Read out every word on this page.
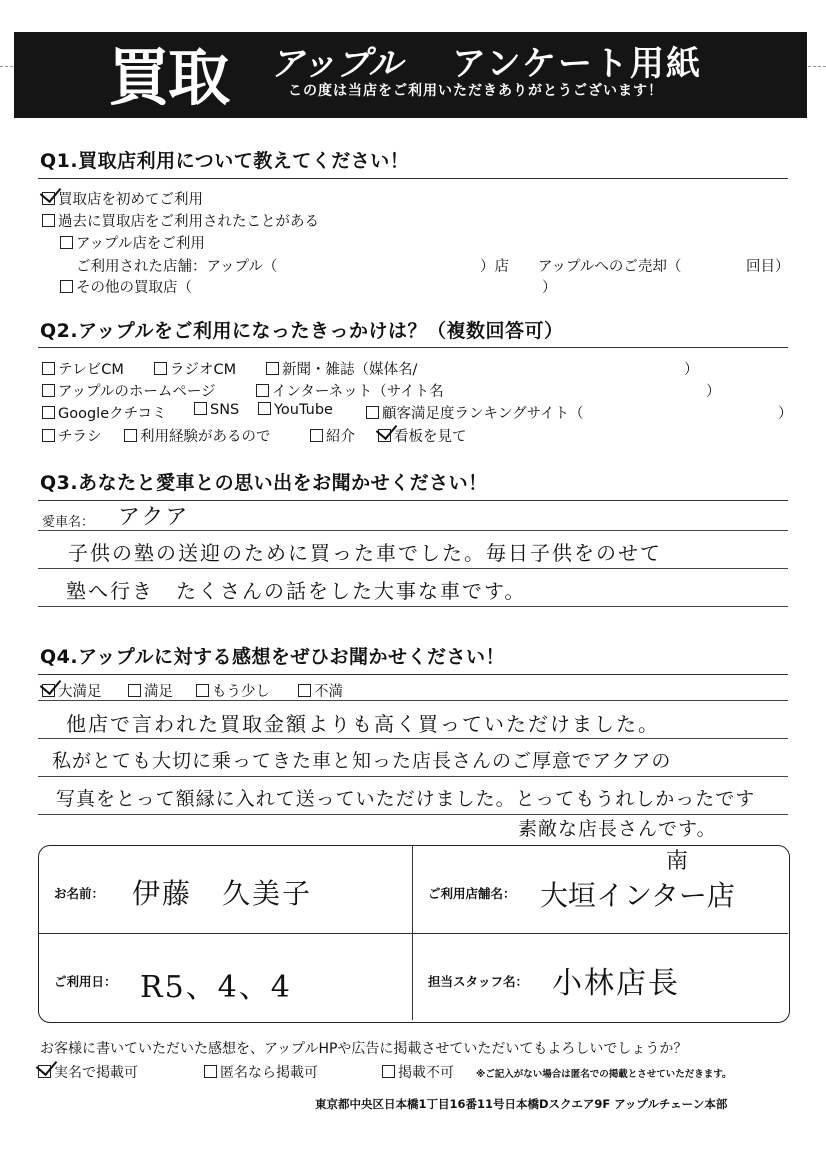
買取 アップル アンケート用紙
この度は当店をご利用いただきありがとうございます！
Q1.買取店利用について教えてください！
買取店を初めてご利用
過去に買取店をご利用されたことがある
アップル店をご利用
ご利用された店舗：アップル（	）店 アップルへのご売却（	回目）
その他の買取店（	）
Q2.アップルをご利用になったきっかけは？（複数回答可）
テレビCM	ラジオCM	新聞・雑誌（媒体名/	）
アップルのホームページ	インターネット（サイト名	）
Googleクチコミ	SNS	YouTube	顧客満足度ランキングサイト（	）
チラシ	利用経験があるので	紹介	看板を見て
Q3.あなたと愛車との思い出をお聞かせください！
愛車名： アクア
子供の塾の送迎のために買った車でした。毎日子供をのせて
塾へ行き　たくさんの話をした大事な車です。
Q4.アップルに対する感想をぜひお聞かせください！
大満足	満足	もう少し	不満
他店で言われた買取金額よりも高く買っていただけました。
私がとても大切に乗ってきた車と知った店長さんのご厚意でアクアの
写真をとって額縁に入れて送っていただけました。とってもうれしかったです
素敵な店長さんです。
お名前： 伊藤　久美子	ご利用店舗名：
南
大垣インター店
ご利用日： R5、4、4	担当スタッフ名： 小林店長
お客様に書いていただいた感想を、アップルHPや広告に掲載させていただいてもよろしいでしょうか？
実名で掲載可	匿名なら掲載可	掲載不可 ※ご記入がない場合は匿名での掲載とさせていただきます。
東京都中央区日本橋1丁目16番11号日本橋Dスクエア9F アップルチェーン本部
